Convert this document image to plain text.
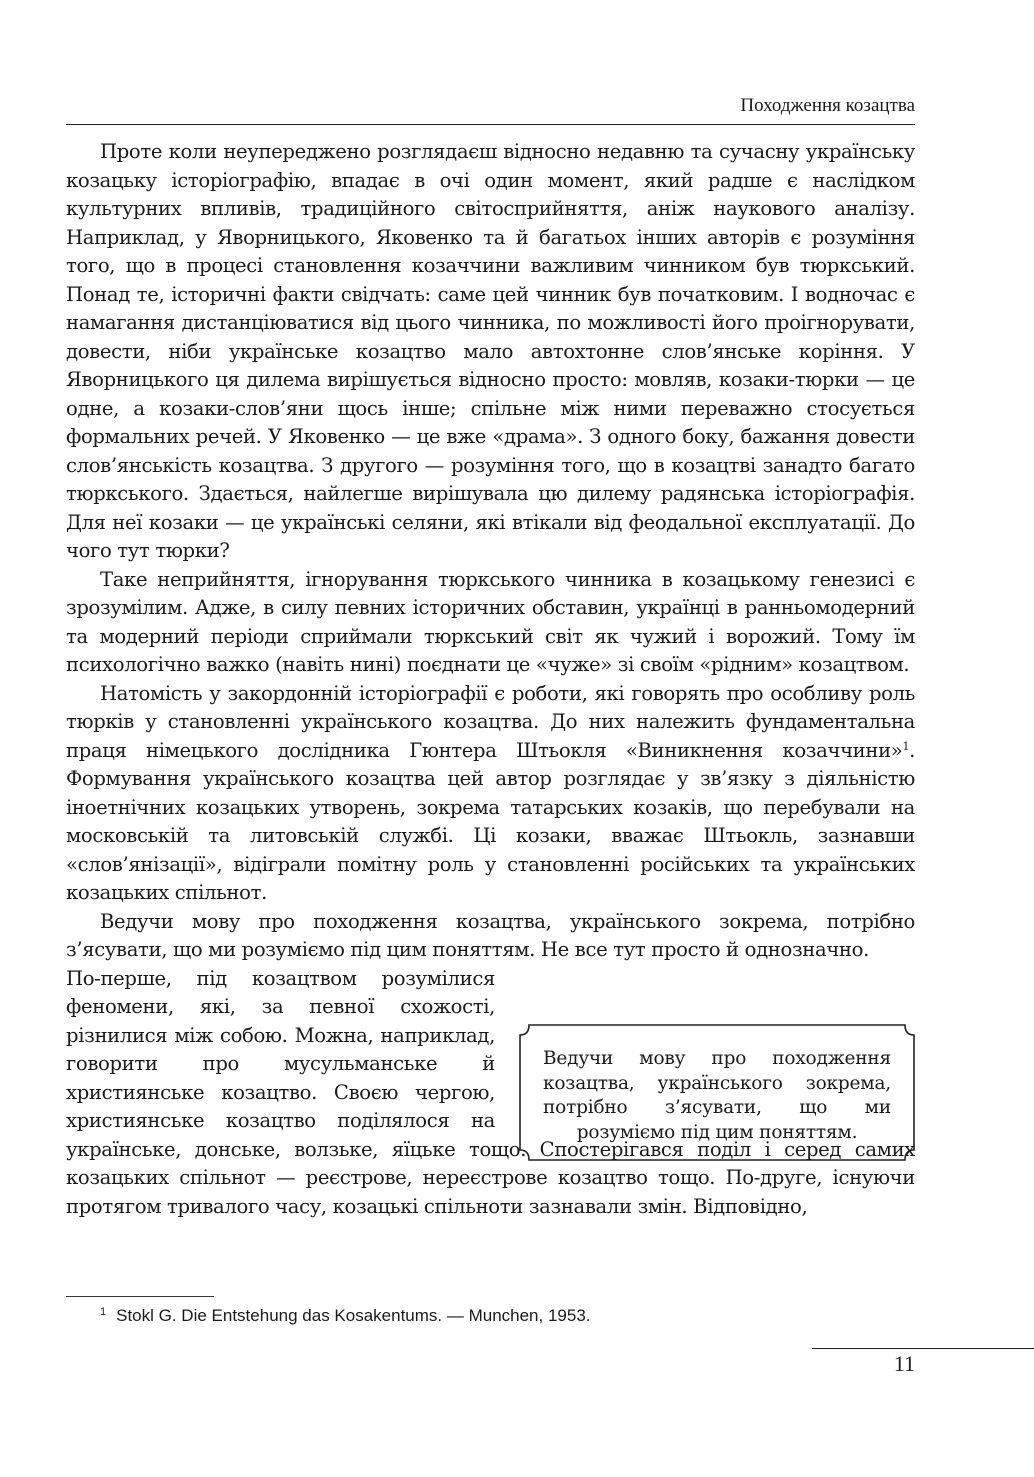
Походження козацтва

Проте коли неупереджено розглядаєш відносно недавню та сучасну українську козацьку історіографію, впадає в очі один момент, який радше є наслідком культурних впливів, традиційного світосприйняття, аніж наукового аналізу. Наприклад, у Яворницького, Яковенко та й багатьох інших авторів є розуміння того, що в процесі становлення козаччини важливим чинником був тюркський. Понад те, історичні факти свідчать: саме цей чинник був початковим. І водночас є намагання дистанціюватися від цього чинника, по можливості його проігнорувати, довести, ніби українське козацтво мало автохтонне слов’янське коріння. У Яворницького ця дилема вирішується відносно просто: мовляв, козаки-тюрки — це одне, а козаки-слов’яни щось інше; спільне між ними переважно стосується формальних речей. У Яковенко — це вже «драма». З одного боку, бажання довести слов’янськість козацтва. З другого — розуміння того, що в козацтві занадто багато тюркського. Здається, найлегше вирішувала цю дилему радянська історіографія. Для неї козаки — це українські селяни, які втікали від феодальної експлуатації. До чого тут тюрки?

Таке неприйняття, ігнорування тюркського чинника в козацькому генезисі є зрозумілим. Адже, в силу певних історичних обставин, українці в ранньомодерний та модерний періоди сприймали тюркський світ як чужий і ворожий. Тому їм психологічно важко (навіть нині) поєднати це «чуже» зі своїм «рідним» козацтвом.

Натомість у закордонній історіографії є роботи, які говорять про особливу роль тюрків у становленні українського козацтва. До них належить фундаментальна праця німецького дослідника Гюнтера Штьокля «Виникнення козаччини»$^1$. Формування українського козацтва цей автор розглядає у зв’язку з діяльністю іноетнічних козацьких утворень, зокрема татарських козаків, що перебували на московській та литовській службі. Ці козаки, вважає Штьокль, зазнавши «слов’янізації», відіграли помітну роль у становленні російських та українських козацьких спільнот.

Ведучи мову про походження козацтва, українського зокрема, потрібно з’ясувати, що ми розуміємо під цим поняттям. Не все тут просто й однозначно.

По-перше, під козацтвом розумілися феномени, які, за певної схожості, різнилися між собою. Можна, наприклад, говорити про мусульманське й християнське козацтво. Своєю чергою, християнське козацтво поділялося на українське, донське, волзьке, яїцьке тощо. Спостерігався поділ і серед самих козацьких спільнот — реєстрове, нереєстрове козацтво тощо. По-друге, існуючи протягом тривалого часу, козацькі спільноти зазнавали змін. Відповідно,

Ведучи мову про походження козацтва, українського зокрема, потрібно з’ясувати, що ми розуміємо під цим поняттям.
$^1$ Stokl G. Die Entstehung das Kosakentums. — Munchen, 1953.
11
